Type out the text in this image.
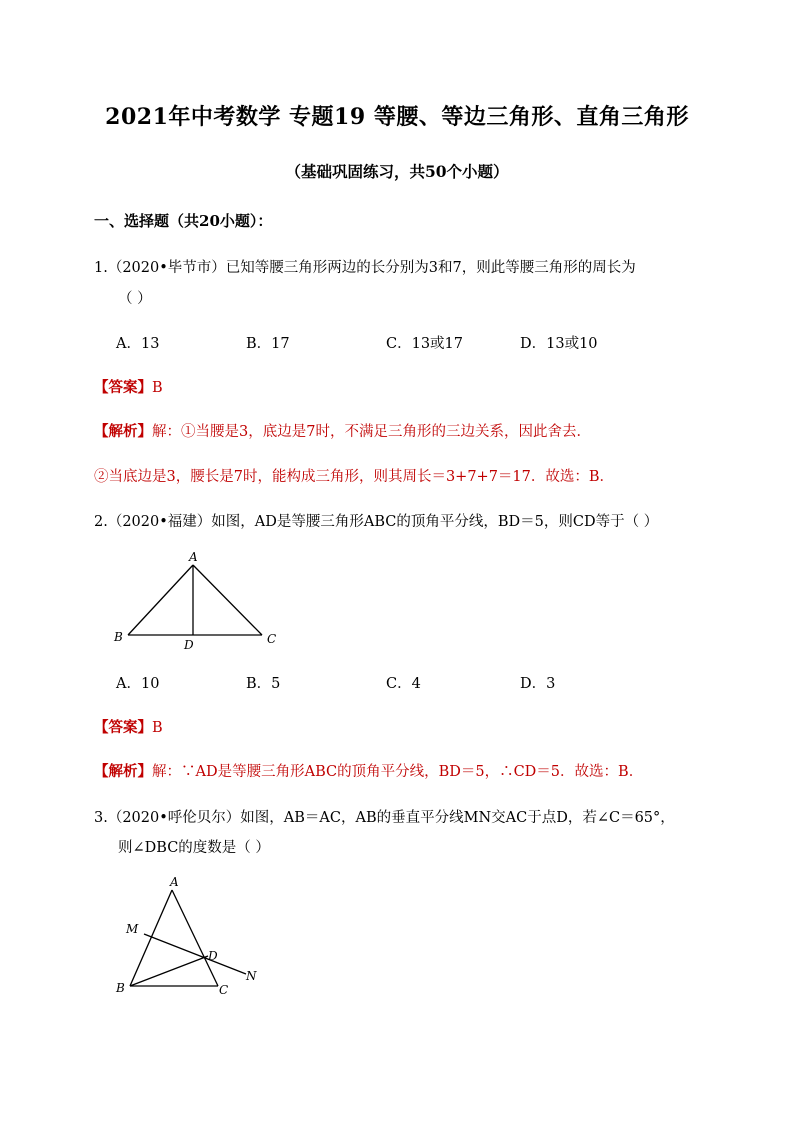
2021年中考数学 专题19 等腰、等边三角形、直角三角形
（基础巩固练习，共50个小题）
一、选择题（共20小题）：
1.（2020•毕节市）已知等腰三角形两边的长分别为3和7，则此等腰三角形的周长为
（ ）
A．13	B．17	C．13或17	D．13或10
【答案】B
【解析】解：①当腰是3，底边是7时，不满足三角形的三边关系，因此舍去．
②当底边是3，腰长是7时，能构成三角形，则其周长＝3+7+7＝17．故选：B．
2.（2020•福建）如图，AD是等腰三角形ABC的顶角平分线，BD＝5，则CD等于（ ）
A
B	C
D
A．10	B．5	C．4	D．3
【答案】B
【解析】解：∵AD是等腰三角形ABC的顶角平分线，BD＝5，∴CD＝5．故选：B．
3.（2020•呼伦贝尔）如图，AB＝AC，AB的垂直平分线MN交AC于点D，若∠C＝65°，
则∠DBC的度数是（ ）
A
M
D
N
B	C
